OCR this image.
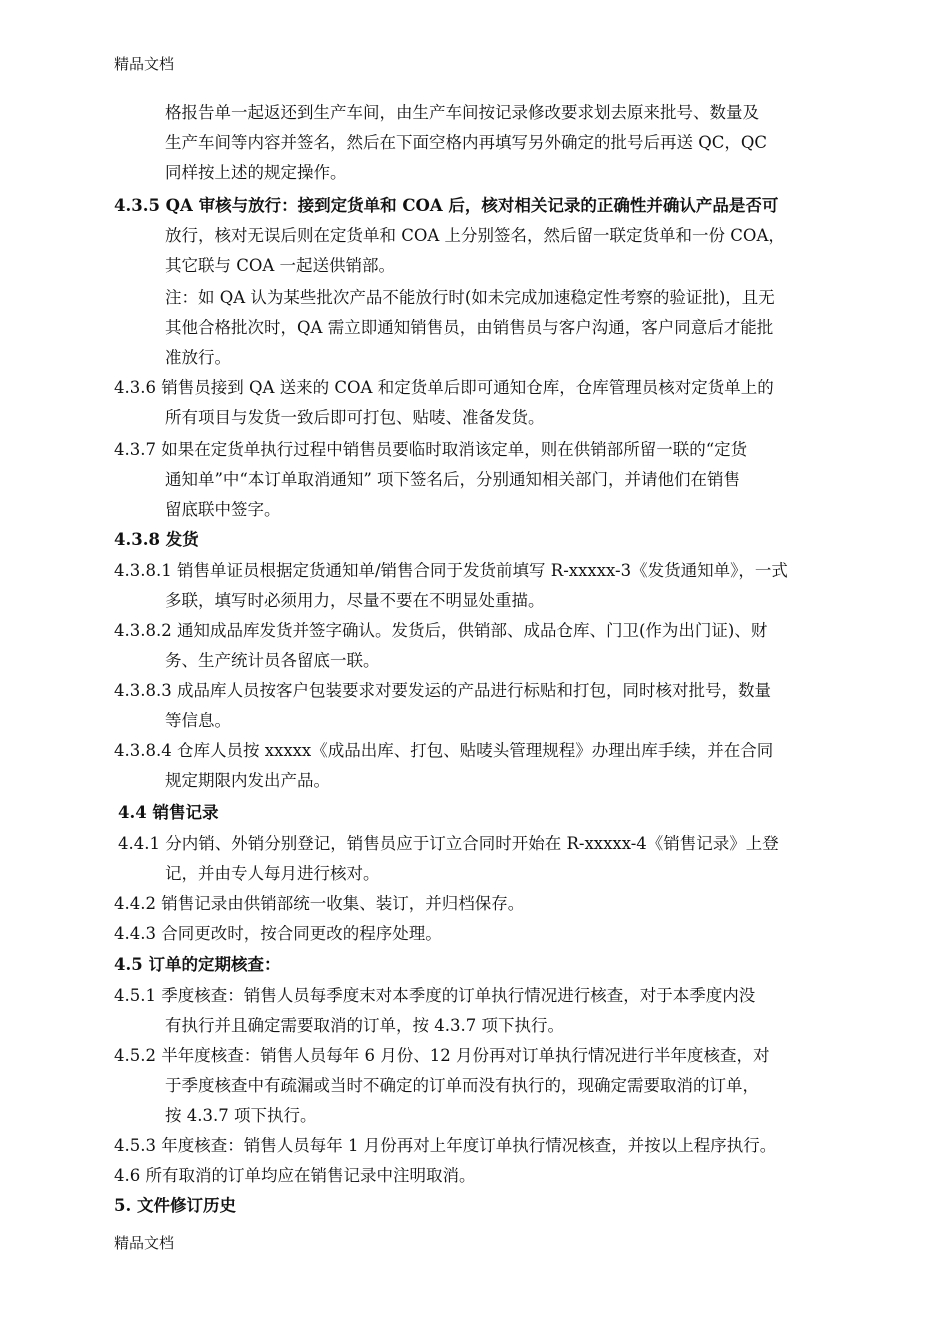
精品文档
格报告单一起返还到生产车间，由生产车间按记录修改要求划去原来批号、数量及
生产车间等内容并签名，然后在下面空格内再填写另外确定的批号后再送 QC，QC
同样按上述的规定操作。
4.3.5 QA 审核与放行：接到定货单和 COA 后，核对相关记录的正确性并确认产品是否可
放行，核对无误后则在定货单和 COA 上分别签名，然后留一联定货单和一份 COA，
其它联与 COA 一起送供销部。
注：如 QA 认为某些批次产品不能放行时(如未完成加速稳定性考察的验证批)，且无
其他合格批次时，QA 需立即通知销售员，由销售员与客户沟通，客户同意后才能批
准放行。
4.3.6 销售员接到 QA 送来的 COA 和定货单后即可通知仓库，仓库管理员核对定货单上的
所有项目与发货一致后即可打包、贴唛、准备发货。
4.3.7 如果在定货单执行过程中销售员要临时取消该定单，则在供销部所留一联的“定货
通知单”中“本订单取消通知” 项下签名后，分别通知相关部门，并请他们在销售
留底联中签字。
4.3.8 发货
4.3.8.1 销售单证员根据定货通知单/销售合同于发货前填写 R-xxxxx-3《发货通知单》，一式
多联，填写时必须用力，尽量不要在不明显处重描。
4.3.8.2 通知成品库发货并签字确认。发货后，供销部、成品仓库、门卫(作为出门证)、财
务、生产统计员各留底一联。
4.3.8.3 成品库人员按客户包装要求对要发运的产品进行标贴和打包，同时核对批号，数量
等信息。
4.3.8.4 仓库人员按 xxxxx《成品出库、打包、贴唛头管理规程》办理出库手续，并在合同
规定期限内发出产品。
4.4 销售记录
4.4.1 分内销、外销分别登记，销售员应于订立合同时开始在 R-xxxxx-4《销售记录》上登
记，并由专人每月进行核对。
4.4.2 销售记录由供销部统一收集、装订，并归档保存。
4.4.3 合同更改时，按合同更改的程序处理。
4.5 订单的定期核查：
4.5.1 季度核查：销售人员每季度末对本季度的订单执行情况进行核查，对于本季度内没
有执行并且确定需要取消的订单，按 4.3.7 项下执行。
4.5.2 半年度核查：销售人员每年 6 月份、12 月份再对订单执行情况进行半年度核查，对
于季度核查中有疏漏或当时不确定的订单而没有执行的，现确定需要取消的订单，
按 4.3.7 项下执行。
4.5.3 年度核查：销售人员每年 1 月份再对上年度订单执行情况核查，并按以上程序执行。
4.6 所有取消的订单均应在销售记录中注明取消。
5. 文件修订历史
精品文档
